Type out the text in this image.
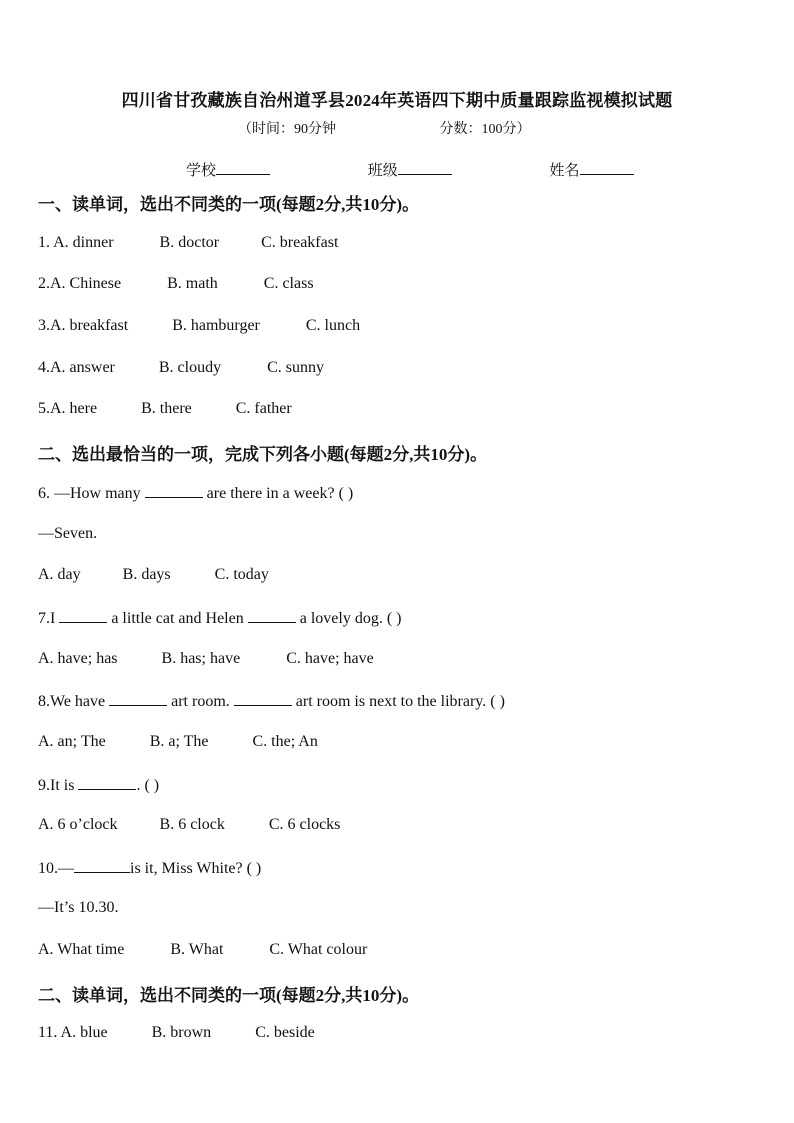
四川省甘孜藏族自治州道孚县2024年英语四下期中质量跟踪监视模拟试题
（时间：90分钟	分数：100分）
学校	班级	姓名
一、读单词，选出不同类的一项(每题2分,共10分)。
1. A. dinner	B. doctor	C. breakfast
2.A. Chinese	B. math	C. class
3.A. breakfast	B. hamburger	C. lunch
4.A. answer	B. cloudy	C. sunny
5.A. here	B. there	C. father
二、选出最恰当的一项，完成下列各小题(每题2分,共10分)。
6. —How many	are there in a week? ( )
—Seven.
A. day	B. days	C. today
7.I	a little cat and Helen	a lovely dog. ( )
A. have; has	B. has; have	C. have; have
8.We have	art room.	art room is next to the library. ( )
A. an; The	B. a; The	C. the; An
9.It is	. ( )
A. 6 o’clock	B. 6 clock	C. 6 clocks
10.—	is it, Miss White? ( )
—It’s 10.30.
A. What time	B. What	C. What colour
二、读单词，选出不同类的一项(每题2分,共10分)。
11. A. blue	B. brown	C. beside
